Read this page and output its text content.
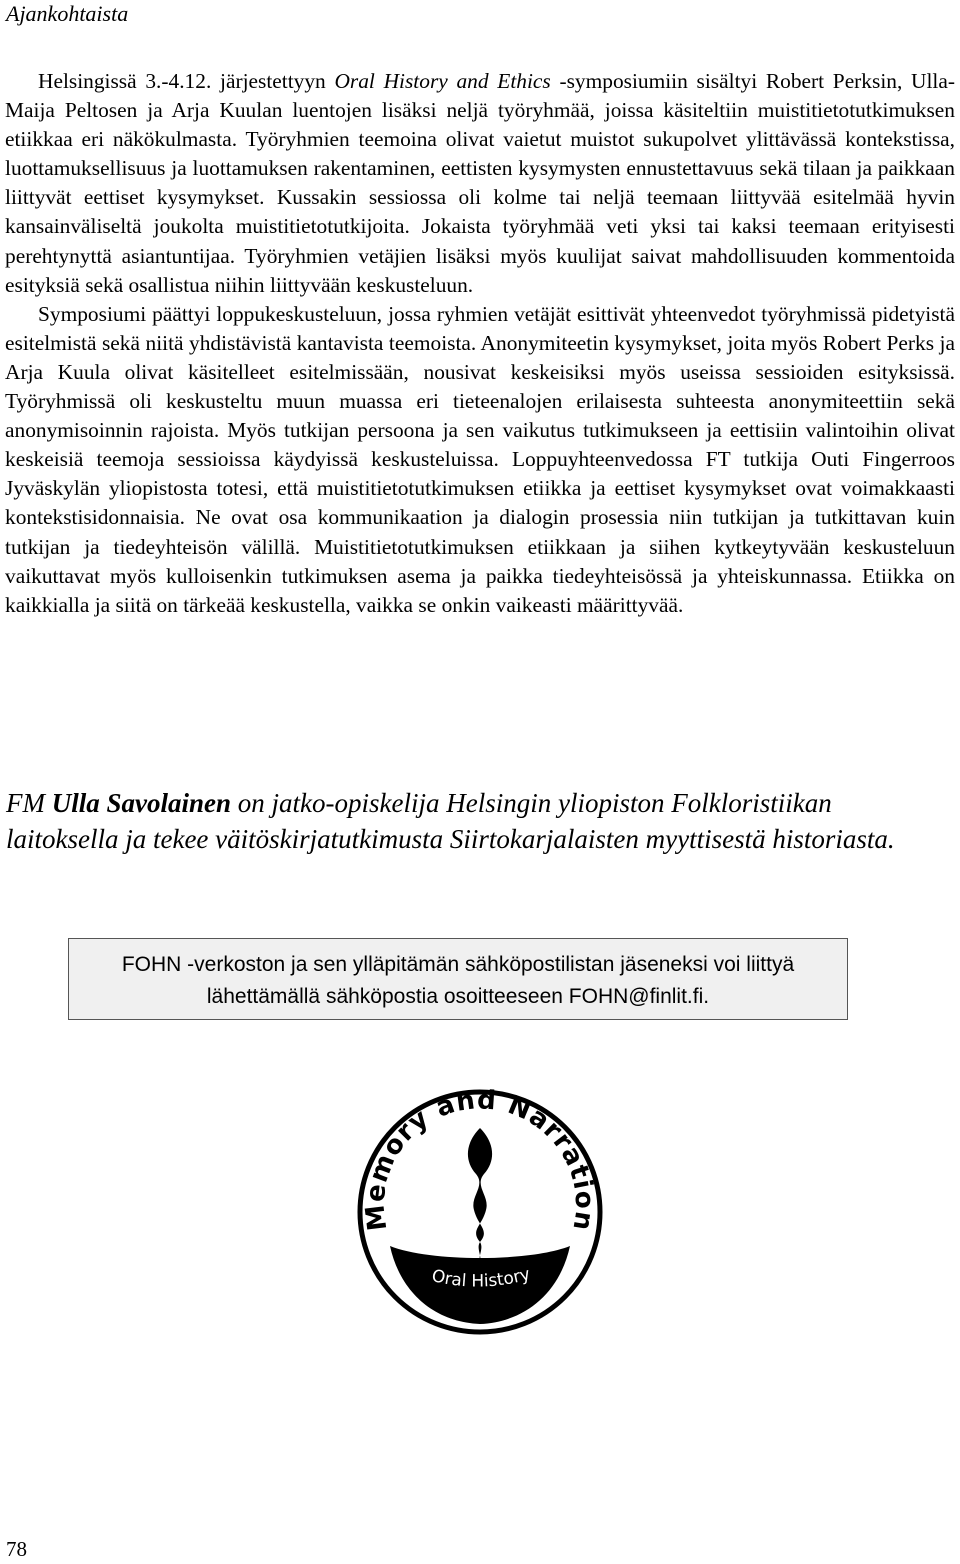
Ajankohtaista

Helsingissä 3.-4.12. järjestettyyn Oral History and Ethics -symposiumiin sisältyi Robert Perksin, Ulla-Maija Peltosen ja Arja Kuulan luentojen lisäksi neljä työryhmää, joissa käsiteltiin muistitietotutkimuksen etiikkaa eri näkökulmasta. Työryhmien teemoina olivat vaietut muistot sukupolvet ylittävässä kontekstissa, luottamuksellisuus ja luottamuksen rakentaminen, eettisten kysymysten ennustettavuus sekä tilaan ja paikkaan liittyvät eettiset kysymykset. Kussakin sessiossa oli kolme tai neljä teemaan liittyvää esitelmää hyvin kansainväliseltä joukolta muistitietotutkijoita. Jokaista työryhmää veti yksi tai kaksi teemaan erityisesti perehtynyttä asiantuntijaa. Työryhmien vetäjien lisäksi myös kuulijat saivat mahdollisuuden kommentoida esityksiä sekä osallistua niihin liittyvään keskusteluun.

Symposiumi päättyi loppukeskusteluun, jossa ryhmien vetäjät esittivät yhteenvedot työryhmissä pidetyistä esitelmistä sekä niitä yhdistävistä kantavista teemoista. Anonymiteetin kysymykset, joita myös Robert Perks ja Arja Kuula olivat käsitelleet esitelmissään, nousivat keskeisiksi myös useissa sessioiden esityksissä. Työryhmissä oli keskusteltu muun muassa eri tieteenalojen erilaisesta suhteesta anonymiteettiin sekä anonymisoinnin rajoista. Myös tutkijan persoona ja sen vaikutus tutkimukseen ja eettisiin valintoihin olivat keskeisiä teemoja sessioissa käydyissä keskusteluissa. Loppuyhteenvedossa FT tutkija Outi Fingerroos Jyväskylän yliopistosta totesi, että muistitietotutkimuksen etiikka ja eettiset kysymykset ovat voimakkaasti kontekstisidonnaisia. Ne ovat osa kommunikaation ja dialogin prosessia niin tutkijan ja tutkittavan kuin tutkijan ja tiedeyhteisön välillä. Muistitietotutkimuksen etiikkaan ja siihen kytkeytyvään keskusteluun vaikuttavat myös kulloisenkin tutkimuksen asema ja paikka tiedeyhteisössä ja yhteiskunnassa. Etiikka on kaikkialla ja siitä on tärkeää keskustella, vaikka se onkin vaikeasti määrittyvää.

FM Ulla Savolainen on jatko-opiskelija Helsingin yliopiston Folkloristiikan laitoksella ja tekee väitöskirjatutkimusta Siirtokarjalaisten myyttisestä historiasta.
FOHN -verkoston ja sen ylläpitämän sähköpostilistan jäseneksi voi liittyä
lähettämällä sähköpostia osoitteeseen FOHN@finlit.fi.
Memory and Narration
Oral History
78
